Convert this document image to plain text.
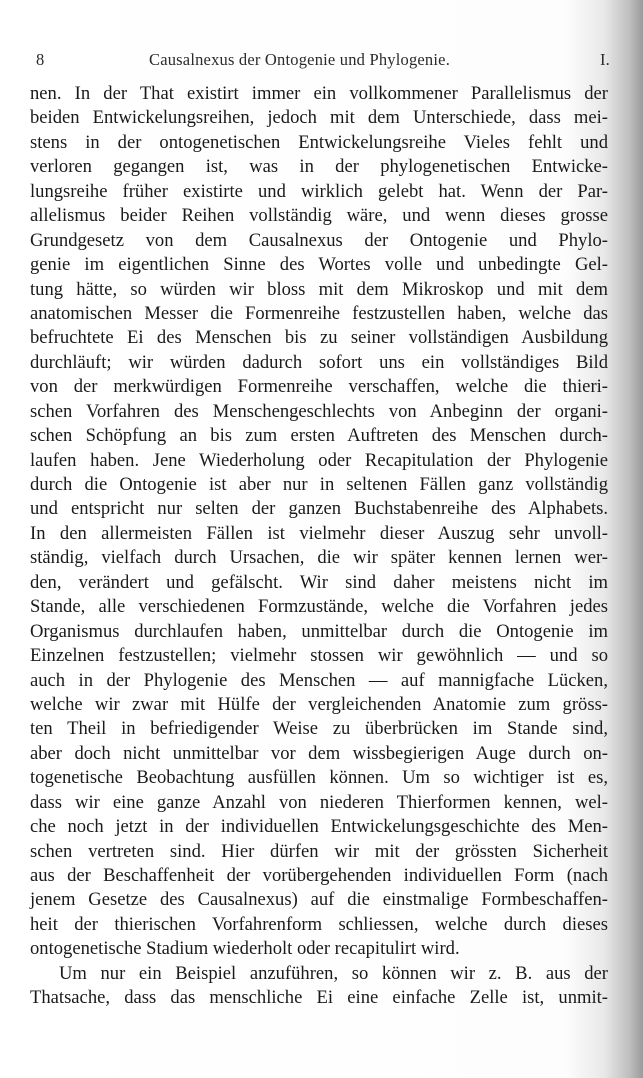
8	Causalnexus der Ontogenie und Phylogenie.	I.
nen. In der That existirt immer ein vollkommener Parallelismus der
beiden Entwickelungsreihen, jedoch mit dem Unterschiede, dass mei-
stens in der ontogenetischen Entwickelungsreihe Vieles fehlt und
verloren gegangen ist, was in der phylogenetischen Entwicke-
lungsreihe früher existirte und wirklich gelebt hat. Wenn der Par-
allelismus beider Reihen vollständig wäre, und wenn dieses grosse
Grundgesetz von dem Causalnexus der Ontogenie und Phylo-
genie im eigentlichen Sinne des Wortes volle und unbedingte Gel-
tung hätte, so würden wir bloss mit dem Mikroskop und mit dem
anatomischen Messer die Formenreihe festzustellen haben, welche das
befruchtete Ei des Menschen bis zu seiner vollständigen Ausbildung
durchläuft; wir würden dadurch sofort uns ein vollständiges Bild
von der merkwürdigen Formenreihe verschaffen, welche die thieri-
schen Vorfahren des Menschengeschlechts von Anbeginn der organi-
schen Schöpfung an bis zum ersten Auftreten des Menschen durch-
laufen haben. Jene Wiederholung oder Recapitulation der Phylogenie
durch die Ontogenie ist aber nur in seltenen Fällen ganz vollständig
und entspricht nur selten der ganzen Buchstabenreihe des Alphabets.
In den allermeisten Fällen ist vielmehr dieser Auszug sehr unvoll-
ständig, vielfach durch Ursachen, die wir später kennen lernen wer-
den, verändert und gefälscht. Wir sind daher meistens nicht im
Stande, alle verschiedenen Formzustände, welche die Vorfahren jedes
Organismus durchlaufen haben, unmittelbar durch die Ontogenie im
Einzelnen festzustellen; vielmehr stossen wir gewöhnlich — und so
auch in der Phylogenie des Menschen — auf mannigfache Lücken,
welche wir zwar mit Hülfe der vergleichenden Anatomie zum gröss-
ten Theil in befriedigender Weise zu überbrücken im Stande sind,
aber doch nicht unmittelbar vor dem wissbegierigen Auge durch on-
togenetische Beobachtung ausfüllen können. Um so wichtiger ist es,
dass wir eine ganze Anzahl von niederen Thierformen kennen, wel-
che noch jetzt in der individuellen Entwickelungsgeschichte des Men-
schen vertreten sind. Hier dürfen wir mit der grössten Sicherheit
aus der Beschaffenheit der vorübergehenden individuellen Form (nach
jenem Gesetze des Causalnexus) auf die einstmalige Formbeschaffen-
heit der thierischen Vorfahrenform schliessen, welche durch dieses
ontogenetische Stadium wiederholt oder recapitulirt wird.
Um nur ein Beispiel anzuführen, so können wir z. B. aus der
Thatsache, dass das menschliche Ei eine einfache Zelle ist, unmit-
